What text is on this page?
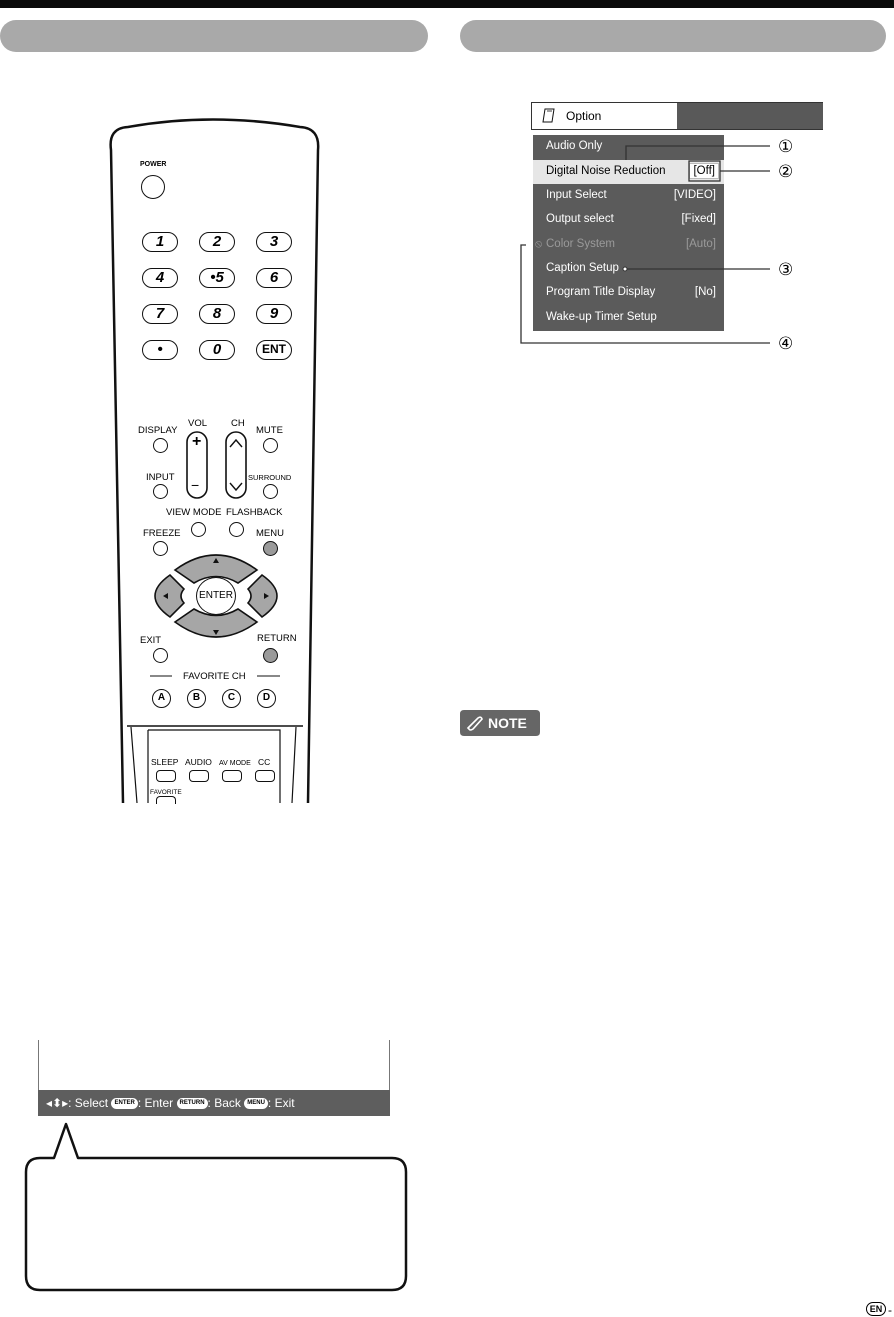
POWER
1	2	3
4	•5	6
7	8	9
•	0	ENT
DISPLAY
VOL
+
−
CH
MUTE
INPUT	SURROUND
VIEW MODE FLASHBACK
FREEZE	MENU
ENTER
EXIT	RETURN
FAVORITE CH
A	B	C	D
SLEEP AUDIO AV MODE CC
FAVORITE
Option
Audio Only
Digital Noise Reduction	[Off]
Input Select	[VIDEO]
Output select	[Fixed]
⦸ Color System	[Auto]
Caption Setup
Program Title Display	[No]
Wake-up Timer Setup
①
②
③
④
NOTE
◂⬍▸: Select ENTER : Enter RETURN : Back MENU : Exit
EN -
